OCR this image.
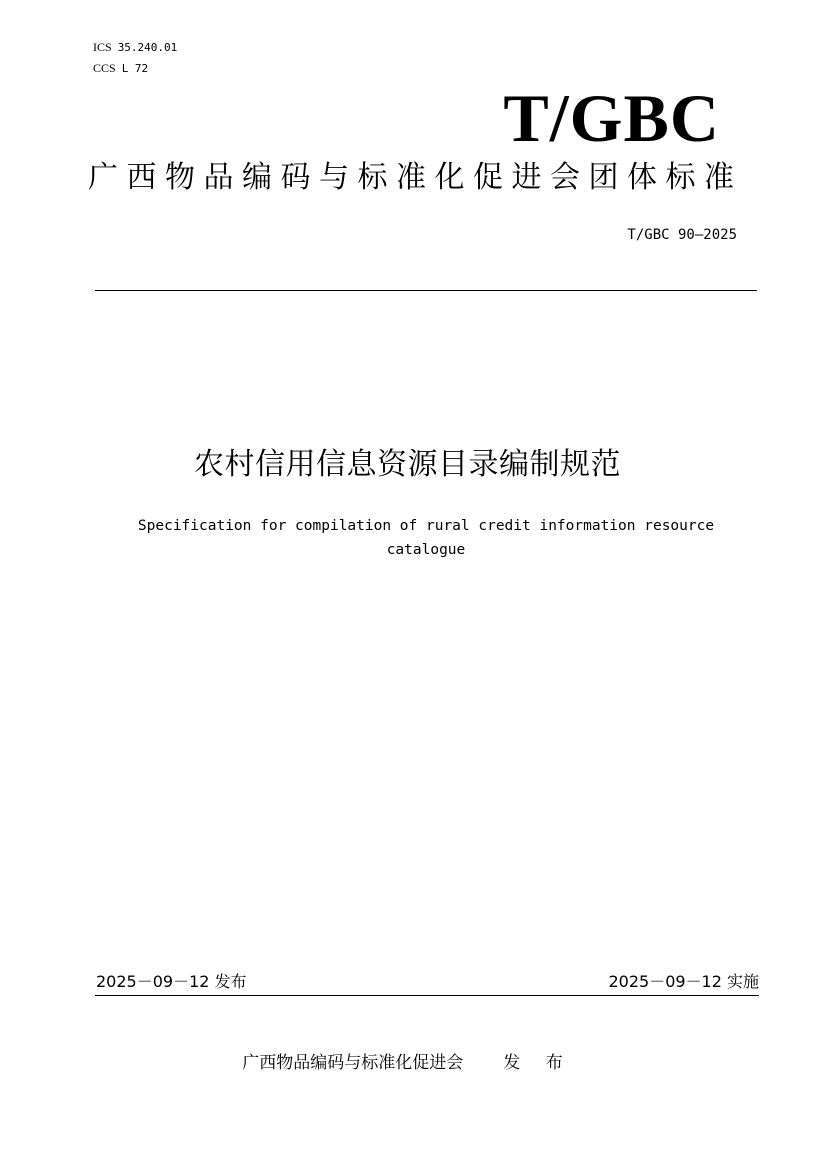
ICS 35.240.01
CCS L 72
T/GBC
广西物品编码与标准化促进会团体标准
T/GBC 90—2025
农村信用信息资源目录编制规范
Specification for compilation of rural credit information resource catalogue
2025－09－12 发布	2025－09－12 实施
广西物品编码与标准化促进会 发 布
